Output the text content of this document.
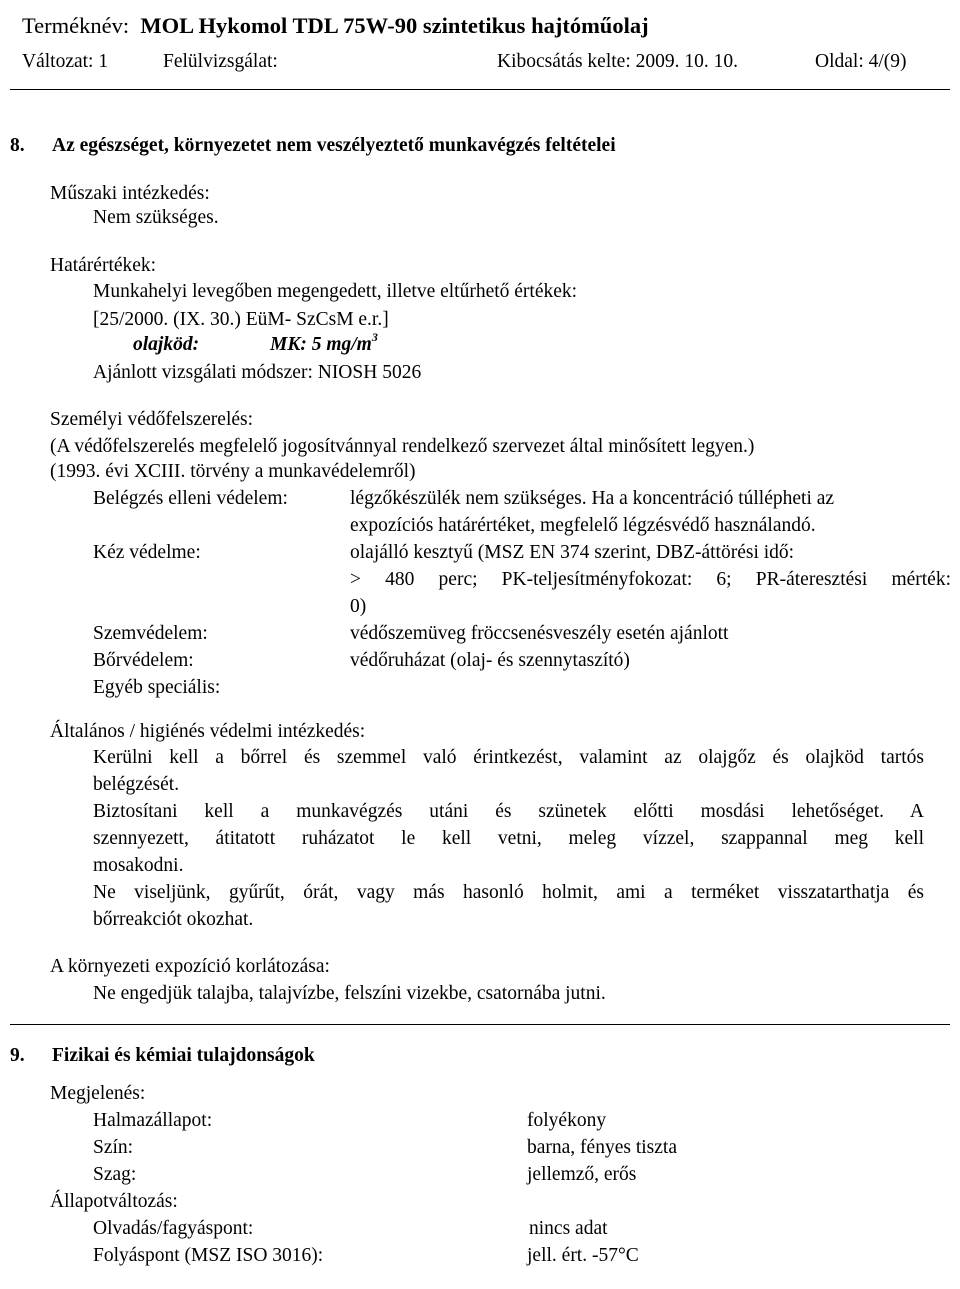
Terméknév: MOL Hykomol TDL 75W-90 szintetikus hajtóműolaj
Változat: 1	Felülvizsgálat:	Kibocsátás kelte: 2009. 10. 10.	Oldal: 4/(9)
8. Az egészséget, környezetet nem veszélyeztető munkavégzés feltételei
Műszaki intézkedés:
Nem szükséges.
Határértékek:
Munkahelyi levegőben megengedett, illetve eltűrhető értékek:
[25/2000. (IX. 30.) EüM- SzCsM e.r.]
olajköd:	MK: 5 $mg/m^3$
Ajánlott vizsgálati módszer: NIOSH 5026
Személyi védőfelszerelés:
(A védőfelszerelés megfelelő jogosítvánnyal rendelkező szervezet által minősített legyen.)
(1993. évi XCIII. törvény a munkavédelemről)
Belégzés elleni védelem:	légzőkészülék nem szükséges. Ha a koncentráció túllépheti az
expozíciós határértéket, megfelelő légzésvédő használandó.
Kéz védelme:	olajálló kesztyű (MSZ EN 374 szerint, DBZ-áttörési idő:
> 480 perc; PK-teljesítményfokozat: 6; PR-áteresztési mérték:
0)
Szemvédelem:	védőszemüveg fröccsenésveszély esetén ajánlott
Bőrvédelem:	védőruházat (olaj- és szennytaszító)
Egyéb speciális:
Általános / higiénés védelmi intézkedés:
Kerülni kell a bőrrel és szemmel való érintkezést, valamint az olajgőz és olajköd tartós
belégzését.
Biztosítani kell a munkavégzés utáni és szünetek előtti mosdási lehetőséget. A
szennyezett, átitatott ruházatot le kell vetni, meleg vízzel, szappannal meg kell
mosakodni.
Ne viseljünk, gyűrűt, órát, vagy más hasonló holmit, ami a terméket visszatarthatja és
bőrreakciót okozhat.
A környezeti expozíció korlátozása:
Ne engedjük talajba, talajvízbe, felszíni vizekbe, csatornába jutni.
9. Fizikai és kémiai tulajdonságok
Megjelenés:
Halmazállapot:	folyékony
Szín:	barna, fényes tiszta
Szag:	jellemző, erős
Állapotváltozás:
Olvadás/fagyáspont:	nincs adat
Folyáspont (MSZ ISO 3016):	jell. ért. -57°C
